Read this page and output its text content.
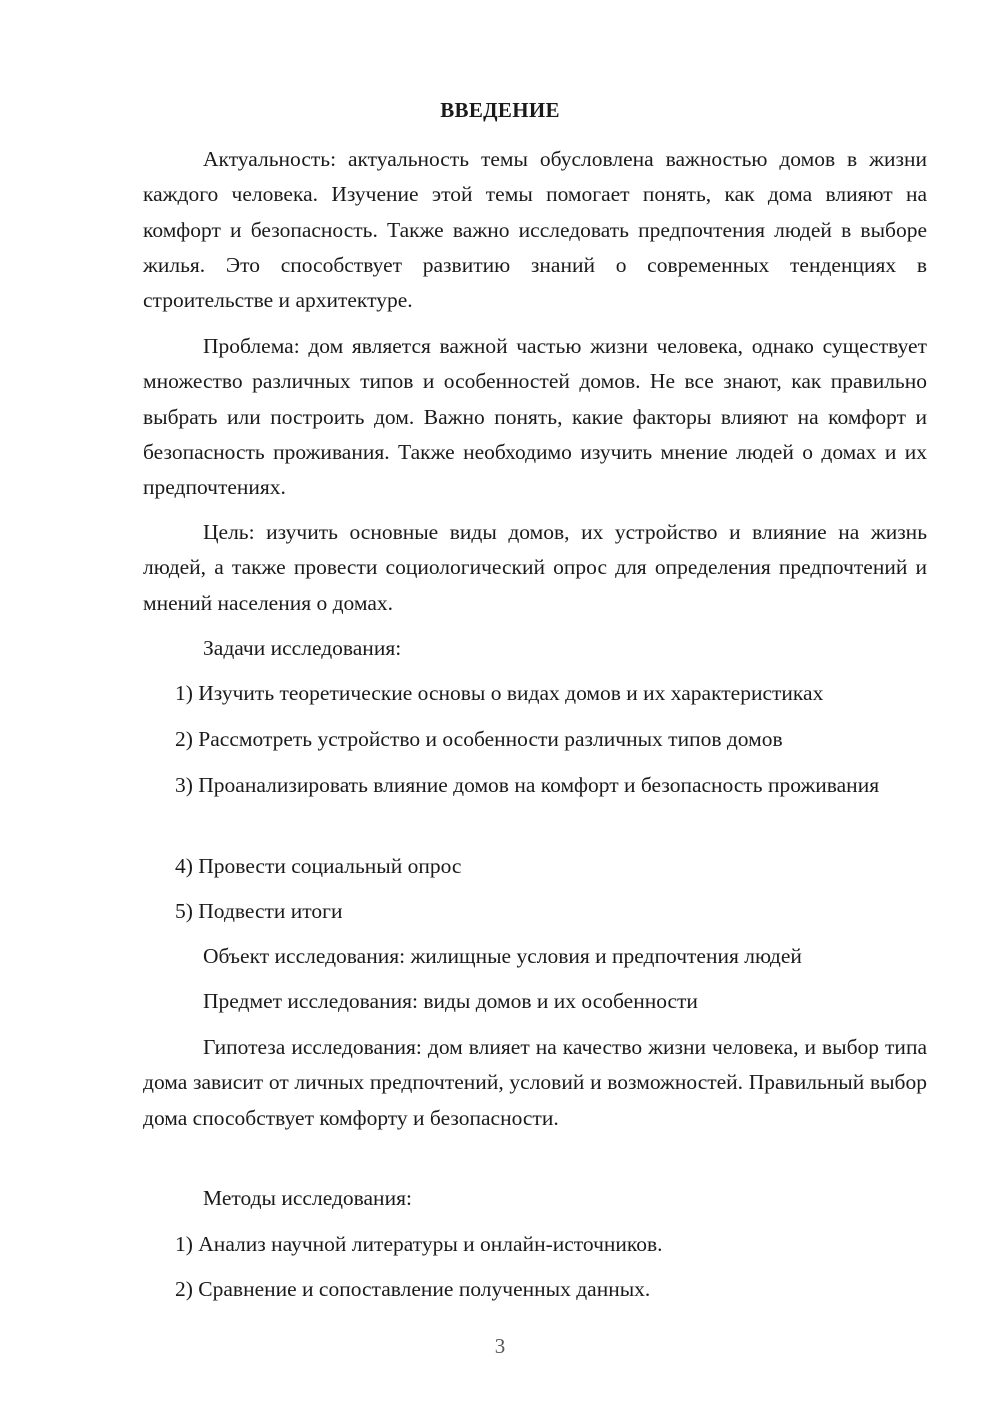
ВВЕДЕНИЕ

Актуальность: актуальность темы обусловлена важностью домов в жизни каждого человека. Изучение этой темы помогает понять, как дома влияют на комфорт и безопасность. Также важно исследовать предпочтения людей в выборе жилья. Это способствует развитию знаний о современных тенденциях в строительстве и архитектуре.

Проблема: дом является важной частью жизни человека, однако существует множество различных типов и особенностей домов. Не все знают, как правильно выбрать или построить дом. Важно понять, какие факторы влияют на комфорт и безопасность проживания. Также необходимо изучить мнение людей о домах и их предпочтениях.

Цель: изучить основные виды домов, их устройство и влияние на жизнь людей, а также провести социологический опрос для определения предпочтений и мнений населения о домах.

Задачи исследования:

1) Изучить теоретические основы о видах домов и их характеристиках

2) Рассмотреть устройство и особенности различных типов домов

3) Проанализировать влияние домов на комфорт и безопасность проживания

4) Провести социальный опрос

5) Подвести итоги

Объект исследования: жилищные условия и предпочтения людей

Предмет исследования: виды домов и их особенности

Гипотеза исследования: дом влияет на качество жизни человека, и выбор типа дома зависит от личных предпочтений, условий и возможностей. Правильный выбор дома способствует комфорту и безопасности.

Методы исследования:

1) Анализ научной литературы и онлайн-источников.

2) Сравнение и сопоставление полученных данных.

3
